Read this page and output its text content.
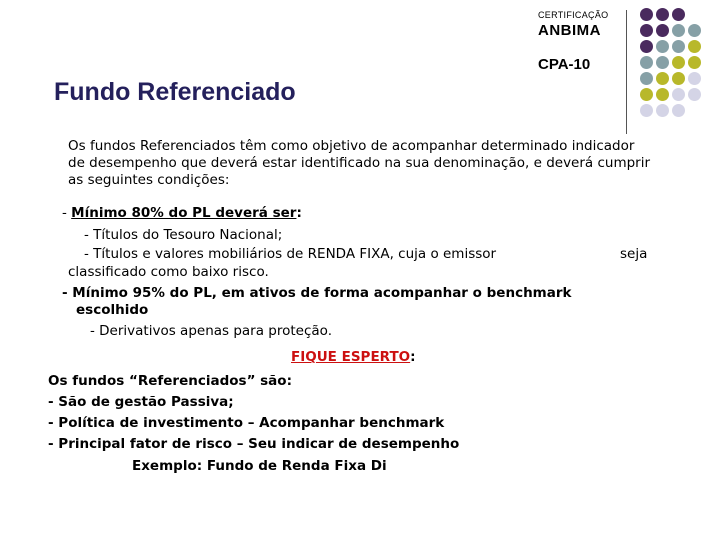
CERTIFICAÇÃO
ANBIMA
CPA-10
Fundo Referenciado
Os fundos Referenciados têm como objetivo de acompanhar determinado indicador
de desempenho que deverá estar identificado na sua denominação, e deverá cumprir
as seguintes condições:
- Mínimo 80% do PL deverá ser:
- Títulos do Tesouro Nacional;
- Títulos e valores mobiliários de RENDA FIXA, cuja o emissor	seja
classificado como baixo risco.
- Mínimo 95% do PL, em ativos de forma acompanhar o benchmark
escolhido
- Derivativos apenas para proteção.
FIQUE ESPERTO:
Os fundos “Referenciados” são:
- São de gestão Passiva;
- Política de investimento – Acompanhar benchmark
- Principal fator de risco – Seu indicar de desempenho
Exemplo: Fundo de Renda Fixa Di
